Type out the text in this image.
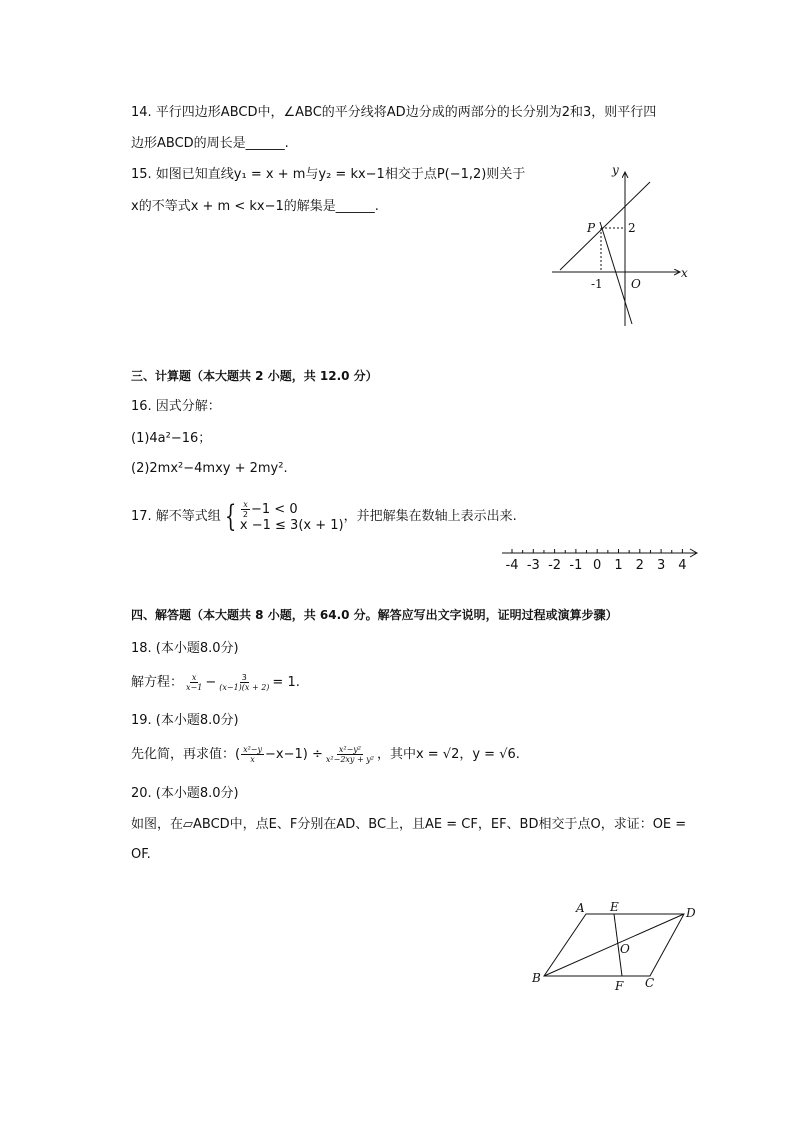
14. 平行四边形ABCD中，∠ABC的平分线将AD边分成的两部分的长分别为2和3，则平行四
边形ABCD的周长是______.
15. 如图已知直线y₁ = x + m与y₂ = kx−1相交于点P(−1,2)则关于
x的不等式x + m < kx−1的解集是______.
y
x
P	2
-1 O
三、计算题（本大题共 2 小题，共 12.0 分）
16. 因式分解：
(1)4a²−16；
(2)2mx²−4mxy + 2my².
17. 解不等式组 { $\frac{x}{2} -1 < 0$
x −1 ≤ 3(x + 1)
，并把解集在数轴上表示出来.
-4 -3 -2 -1 0 1 2 3 4
四、解答题（本大题共 8 小题，共 64.0 分。解答应写出文字说明，证明过程或演算步骤）
18. (本小题8.0分)
解方程： $\frac{x}{x-1} - \frac{3}{(x-1)(x + 2)} = 1$.
19. (本小题8.0分)
先化简，再求值：( $\frac{\text{x²−y}}{x} -x-1) \div \frac{\text{x²−y²}}{\text{x²−2xy + y²}}$ ，其中x = √2，y = √6.
20. (本小题8.0分)
如图，在▱ABCD中，点E、F分别在AD、BC上，且AE = CF，EF、BD相交于点O，求证：OE =
OF.
A E	D
O
B
F C
